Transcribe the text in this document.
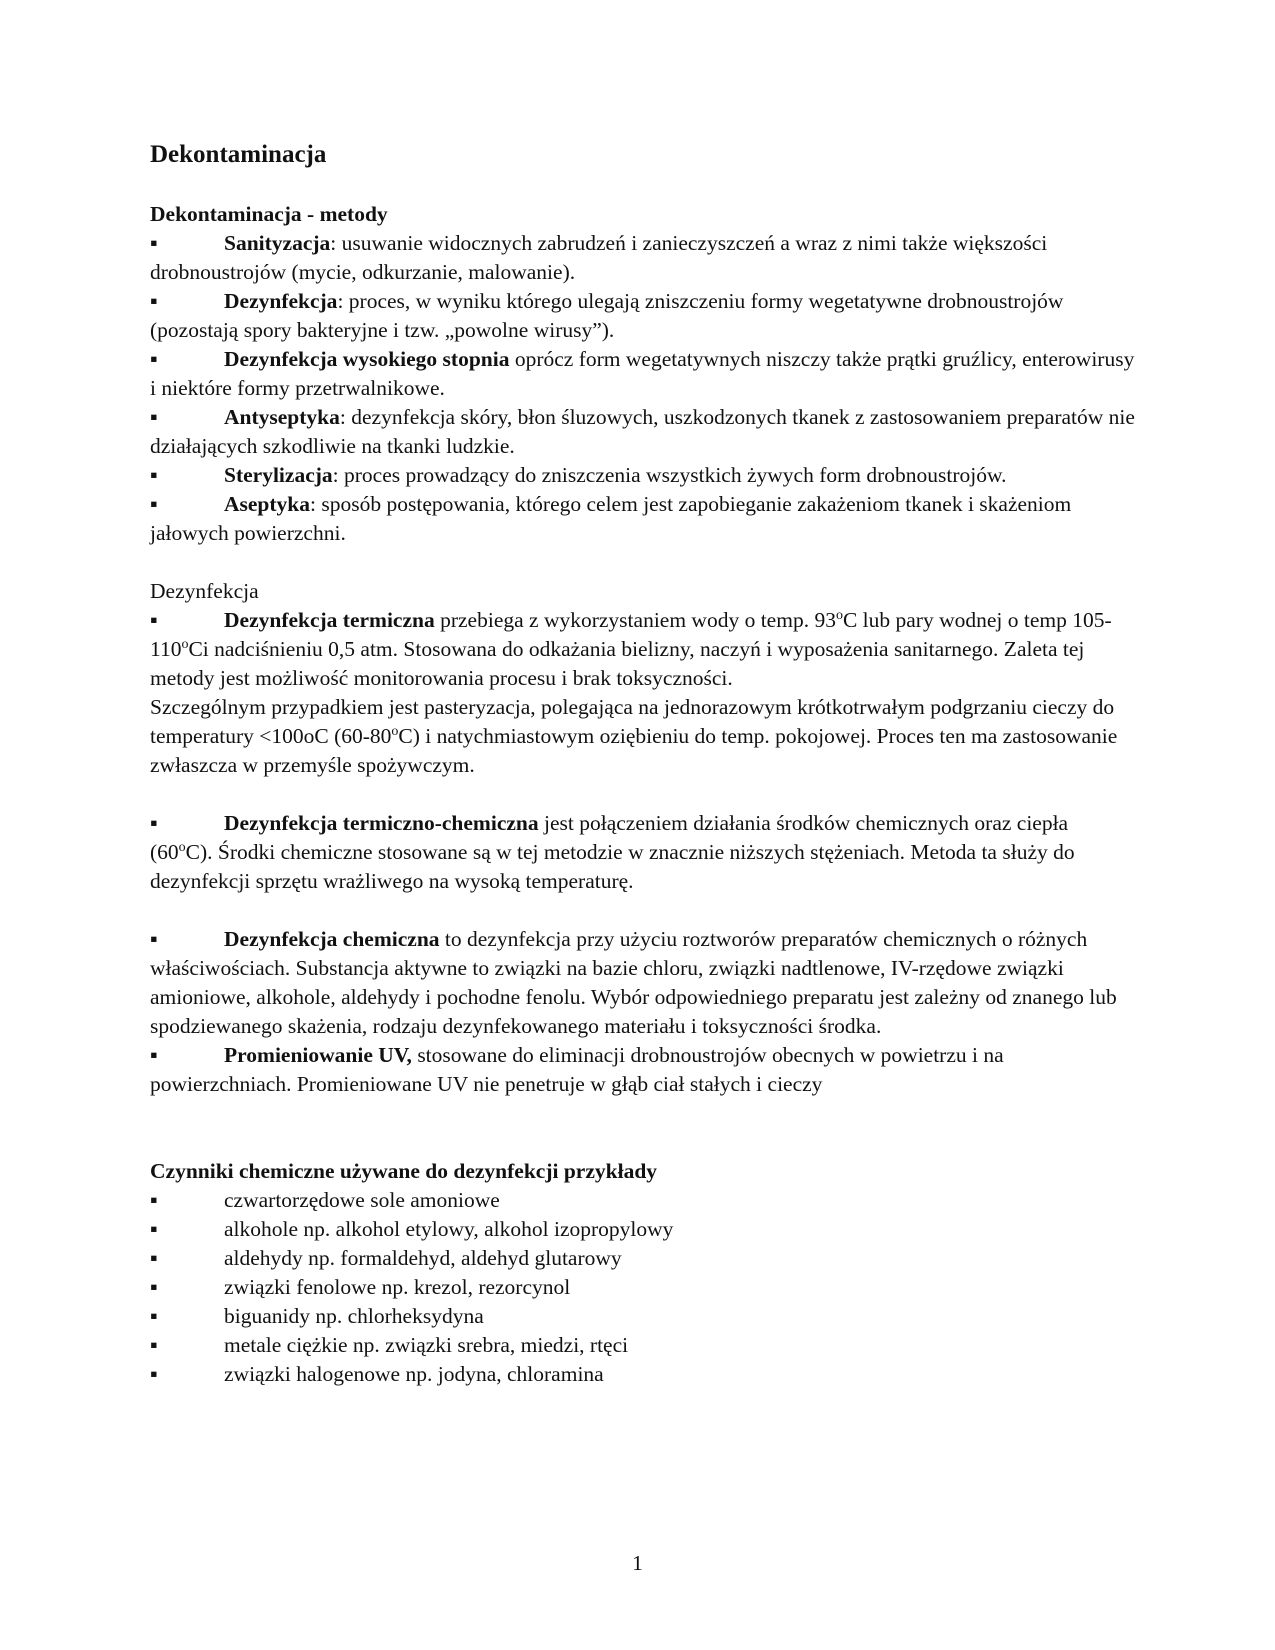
Dekontaminacja

Dekontaminacja - metody

▪	Sanityzacja: usuwanie widocznych zabrudzeń i zanieczyszczeń a wraz z nimi także większości drobnoustrojów (mycie, odkurzanie, malowanie).

▪	Dezynfekcja: proces, w wyniku którego ulegają zniszczeniu formy wegetatywne drobnoustrojów (pozostają spory bakteryjne i tzw. „powolne wirusy”).

▪	Dezynfekcja wysokiego stopnia oprócz form wegetatywnych niszczy także prątki gruźlicy, enterowirusy i niektóre formy przetrwalnikowe.

▪	Antyseptyka: dezynfekcja skóry, błon śluzowych, uszkodzonych tkanek z zastosowaniem preparatów nie działających szkodliwie na tkanki ludzkie.

▪	Sterylizacja: proces prowadzący do zniszczenia wszystkich żywych form drobnoustrojów.

▪	Aseptyka: sposób postępowania, którego celem jest zapobieganie zakażeniom tkanek i skażeniom jałowych powierzchni.

Dezynfekcja

▪	Dezynfekcja termiczna przebiega z wykorzystaniem wody o temp. 93$^o$C lub pary wodnej o temp 105-110$^o$Ci nadciśnieniu 0,5 atm. Stosowana do odkażania bielizny, naczyń i wyposażenia sanitarnego. Zaleta tej metody jest możliwość monitorowania procesu i brak toksyczności.

Szczególnym przypadkiem jest pasteryzacja, polegająca na jednorazowym krótkotrwałym podgrzaniu cieczy do temperatury <100oC (60-80$^o$C) i natychmiastowym oziębieniu do temp. pokojowej. Proces ten ma zastosowanie zwłaszcza w przemyśle spożywczym.

▪	Dezynfekcja termiczno-chemiczna jest połączeniem działania środków chemicznych oraz ciepła (60$^o$C). Środki chemiczne stosowane są w tej metodzie w znacznie niższych stężeniach. Metoda ta służy do dezynfekcji sprzętu wrażliwego na wysoką temperaturę.

▪	Dezynfekcja chemiczna to dezynfekcja przy użyciu roztworów preparatów chemicznych o różnych właściwościach. Substancja aktywne to związki na bazie chloru, związki nadtlenowe, IV-rzędowe związki amioniowe, alkohole, aldehydy i pochodne fenolu. Wybór odpowiedniego preparatu jest zależny od znanego lub spodziewanego skażenia, rodzaju dezynfekowanego materiału i toksyczności środka.

▪	Promieniowanie UV, stosowane do eliminacji drobnoustrojów obecnych w powietrzu i na powierzchniach. Promieniowane UV nie penetruje w głąb ciał stałych i cieczy

Czynniki chemiczne używane do dezynfekcji przykłady

▪	czwartorzędowe sole amoniowe

▪	alkohole np. alkohol etylowy, alkohol izopropylowy

▪	aldehydy np. formaldehyd, aldehyd glutarowy

▪	związki fenolowe np. krezol, rezorcynol

▪	biguanidy np. chlorheksydyna

▪	metale ciężkie np. związki srebra, miedzi, rtęci

▪	związki halogenowe np. jodyna, chloramina

1
